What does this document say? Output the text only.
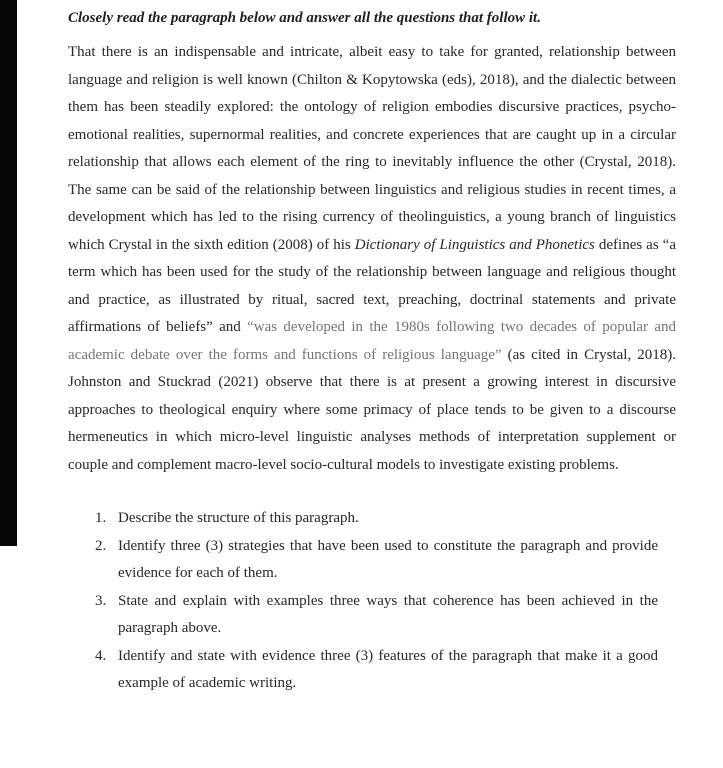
Closely read the paragraph below and answer all the questions that follow it.

That there is an indispensable and intricate, albeit easy to take for granted, relationship between language and religion is well known (Chilton & Kopytowska (eds), 2018), and the dialectic between them has been steadily explored: the ontology of religion embodies discursive practices, psycho-emotional realities, supernormal realities, and concrete experiences that are caught up in a circular relationship that allows each element of the ring to inevitably influence the other (Crystal, 2018). The same can be said of the relationship between linguistics and religious studies in recent times, a development which has led to the rising currency of theolinguistics, a young branch of linguistics which Crystal in the sixth edition (2008) of his Dictionary of Linguistics and Phonetics defines as “a term which has been used for the study of the relationship between language and religious thought and practice, as illustrated by ritual, sacred text, preaching, doctrinal statements and private affirmations of beliefs” and “was developed in the 1980s following two decades of popular and academic debate over the forms and functions of religious language” (as cited in Crystal, 2018). Johnston and Stuckrad (2021) observe that there is at present a growing interest in discursive approaches to theological enquiry where some primacy of place tends to be given to a discourse hermeneutics in which micro-level linguistic analyses methods of interpretation supplement or couple and complement macro-level socio-cultural models to investigate existing problems.

1. Describe the structure of this paragraph.
2. Identify three (3) strategies that have been used to constitute the paragraph and provide evidence for each of them.
3. State and explain with examples three ways that coherence has been achieved in the paragraph above.
4. Identify and state with evidence three (3) features of the paragraph that make it a good example of academic writing.
